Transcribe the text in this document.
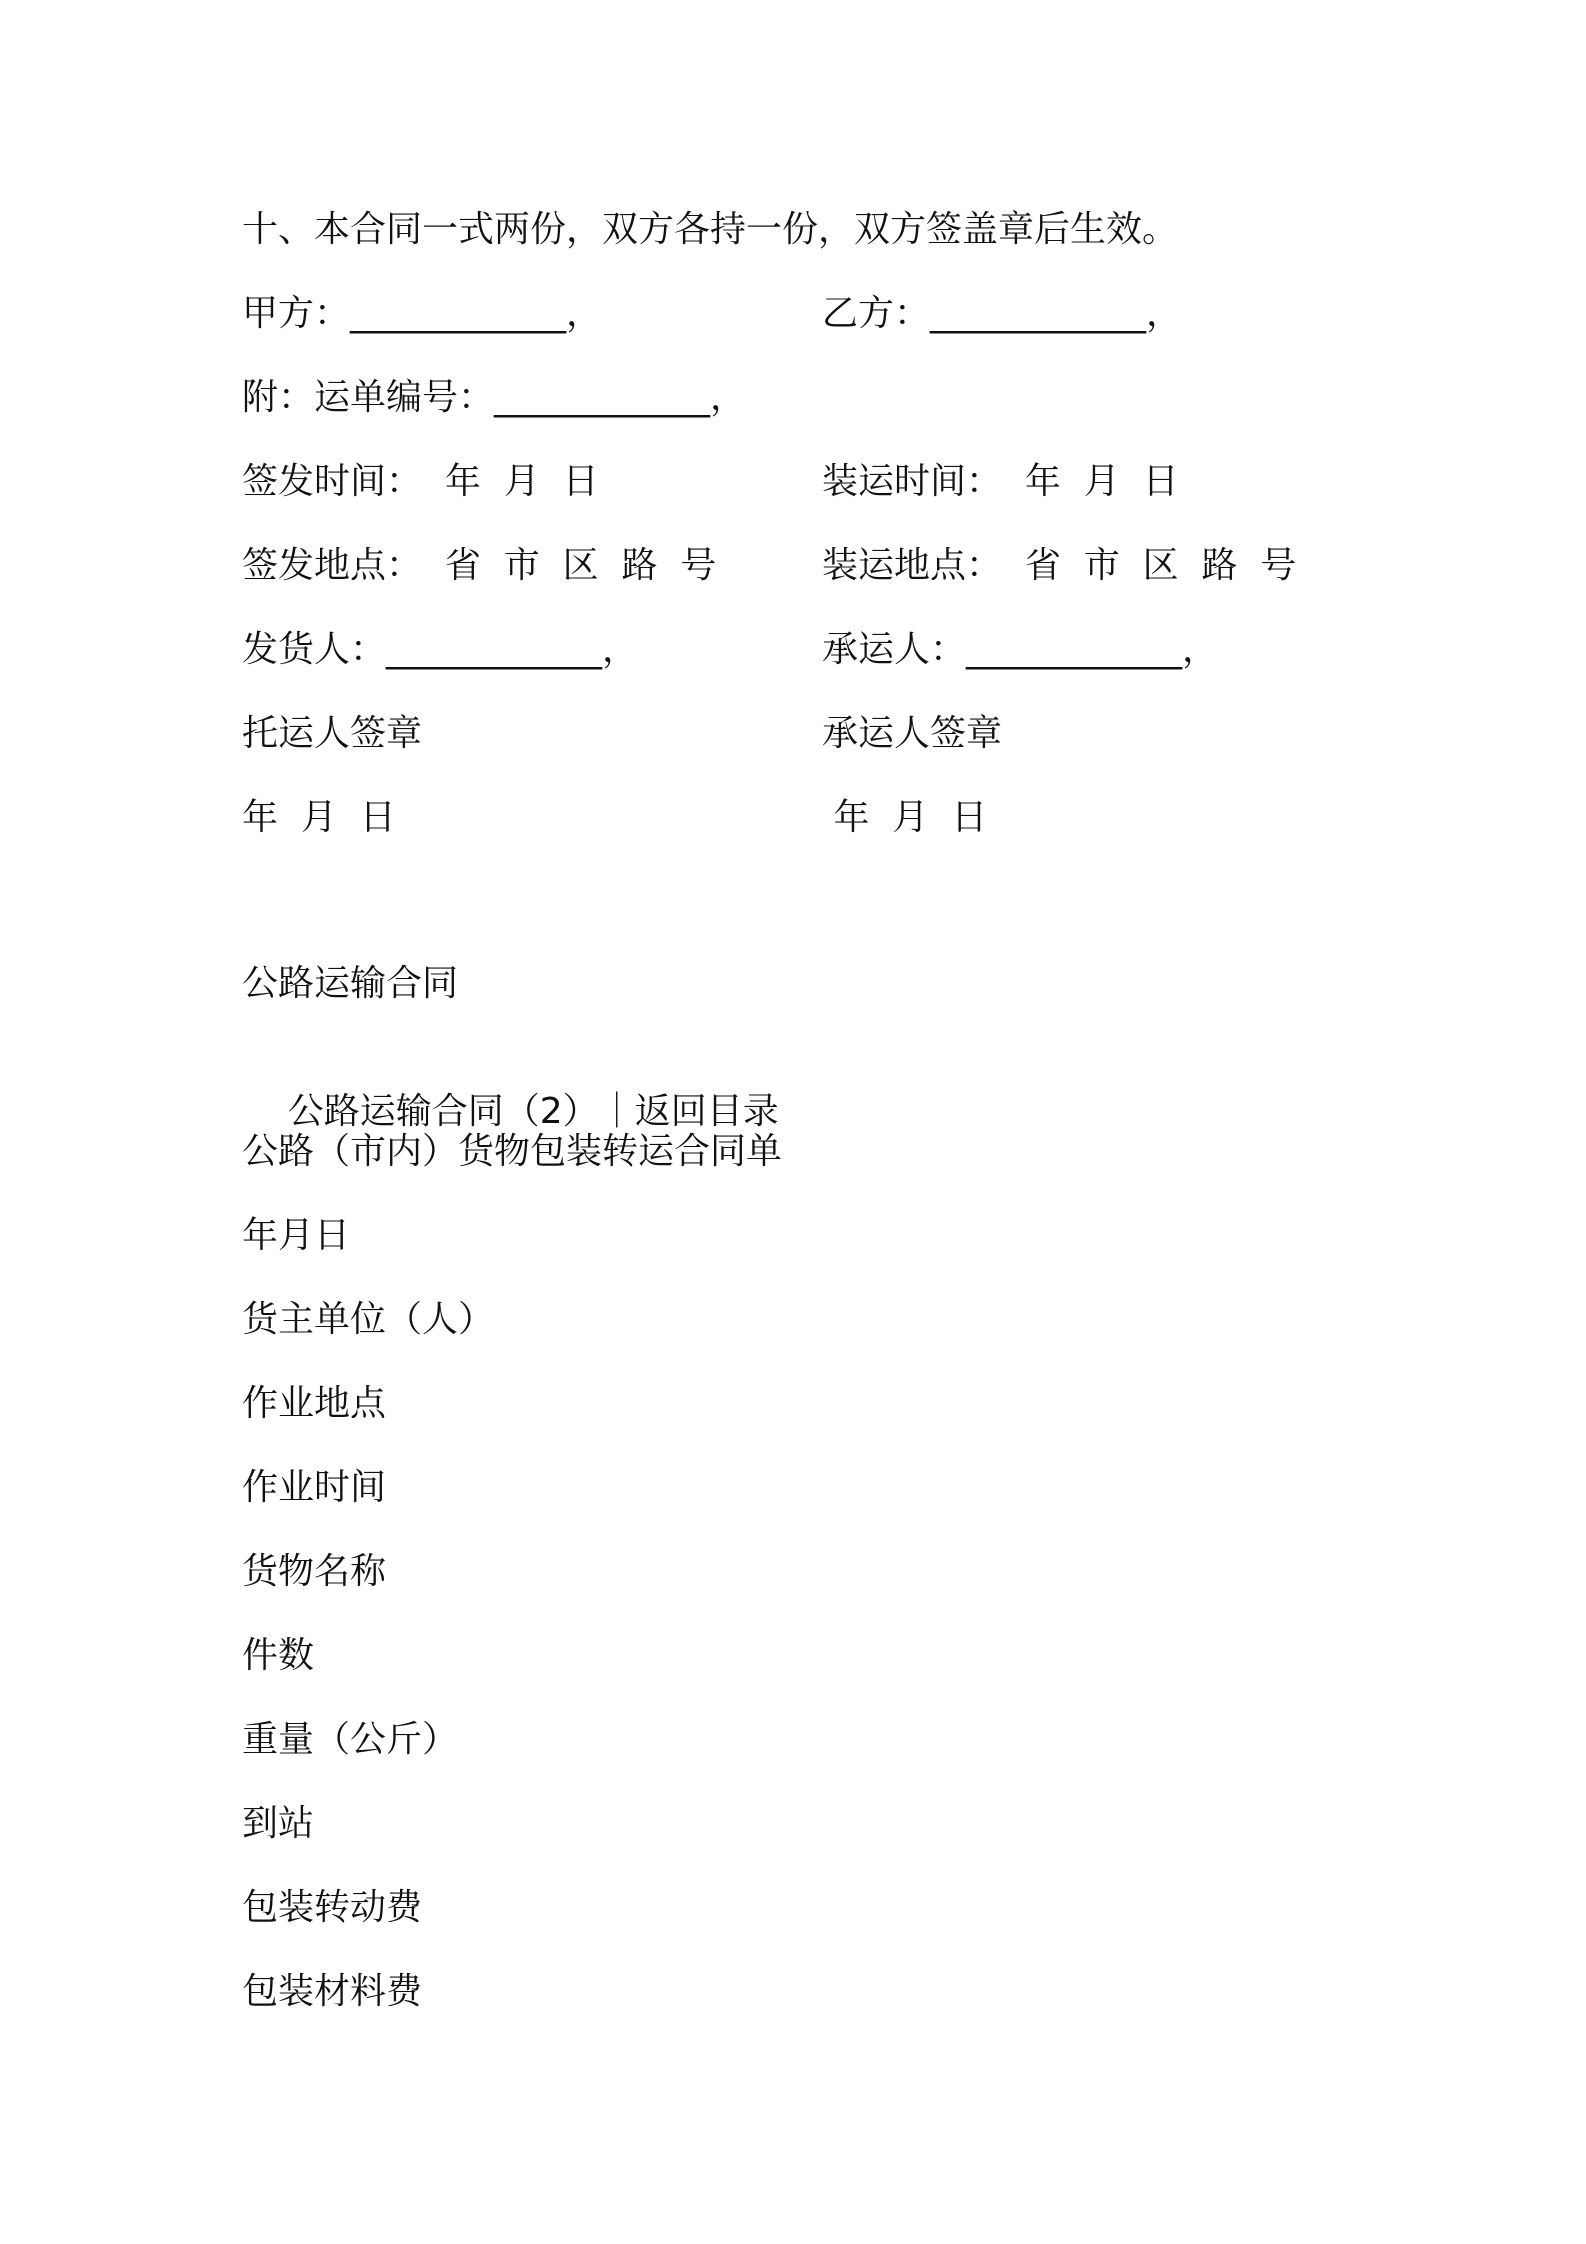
十、本合同一式两份，双方各持一份，双方签盖章后生效。
甲方：____________，	乙方：____________，
附：运单编号：____________，
签发时间：  年  月  日	装运时间：  年  月  日
签发地点：  省  市  区  路  号	装运地点：  省  市  区  路  号
发货人：____________，	承运人：____________，
托运人签章	承运人签章
年  月  日	年  月  日
公路运输合同

公路运输合同（2）｜返回目录

公路（市内）货物包装转运合同单
年月日
货主单位（人）
作业地点
作业时间
货物名称
件数
重量（公斤）
到站
包装转动费
包装材料费
